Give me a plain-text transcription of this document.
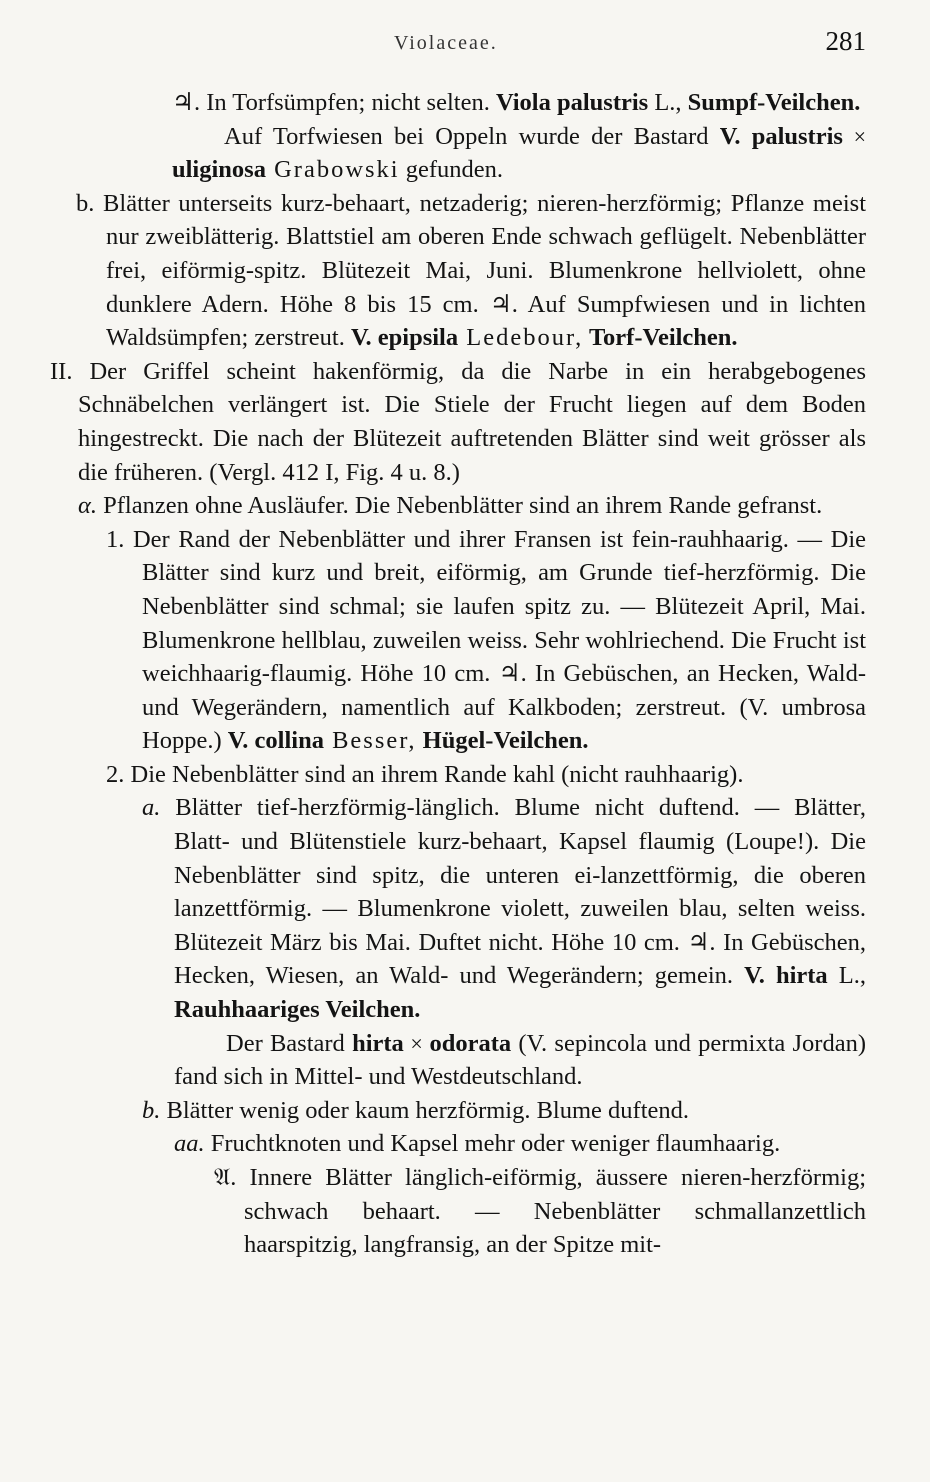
Violaceae.	281

♃. In Torfsümpfen; nicht selten. Viola palustris L., Sumpf-Veilchen.

Auf Torfwiesen bei Oppeln wurde der Bastard V. palustris × uliginosa Grabowski gefunden.

b. Blätter unterseits kurz-behaart, netzaderig; nieren-herzförmig; Pflanze meist nur zweiblätterig. Blattstiel am oberen Ende schwach geflügelt. Nebenblätter frei, eiförmig-spitz. Blütezeit Mai, Juni. Blumenkrone hellviolett, ohne dunklere Adern. Höhe 8 bis 15 cm. ♃. Auf Sumpfwiesen und in lichten Waldsümpfen; zerstreut. V. epipsila Ledebour, Torf-Veilchen.

II. Der Griffel scheint hakenförmig, da die Narbe in ein herabgebogenes Schnäbelchen verlängert ist. Die Stiele der Frucht liegen auf dem Boden hingestreckt. Die nach der Blütezeit auftretenden Blätter sind weit grösser als die früheren. (Vergl. 412 I, Fig. 4 u. 8.)

α. Pflanzen ohne Ausläufer. Die Nebenblätter sind an ihrem Rande gefranst.

1. Der Rand der Nebenblätter und ihrer Fransen ist fein-rauhhaarig. — Die Blätter sind kurz und breit, eiförmig, am Grunde tief-herzförmig. Die Nebenblätter sind schmal; sie laufen spitz zu. — Blütezeit April, Mai. Blumenkrone hellblau, zuweilen weiss. Sehr wohlriechend. Die Frucht ist weichhaarig-flaumig. Höhe 10 cm. ♃. In Gebüschen, an Hecken, Wald- und Wegerändern, namentlich auf Kalkboden; zerstreut. (V. umbrosa Hoppe.) V. collina Besser, Hügel-Veilchen.

2. Die Nebenblätter sind an ihrem Rande kahl (nicht rauhhaarig).

a. Blätter tief-herzförmig-länglich. Blume nicht duftend. — Blätter, Blatt- und Blütenstiele kurz-behaart, Kapsel flaumig (Loupe!). Die Nebenblätter sind spitz, die unteren ei-lanzettförmig, die oberen lanzettförmig. — Blumenkrone violett, zuweilen blau, selten weiss. Blütezeit März bis Mai. Duftet nicht. Höhe 10 cm. ♃. In Gebüschen, Hecken, Wiesen, an Wald- und Wegerändern; gemein. V. hirta L., Rauhhaariges Veilchen.

Der Bastard hirta × odorata (V. sepincola und permixta Jordan) fand sich in Mittel- und Westdeutschland.

b. Blätter wenig oder kaum herzförmig. Blume duftend.

aa. Fruchtknoten und Kapsel mehr oder weniger flaumhaarig.

𝔄. Innere Blätter länglich-eiförmig, äussere nieren-herzförmig; schwach behaart. — Nebenblätter schmallanzettlich haarspitzig, langfransig, an der Spitze mit-
